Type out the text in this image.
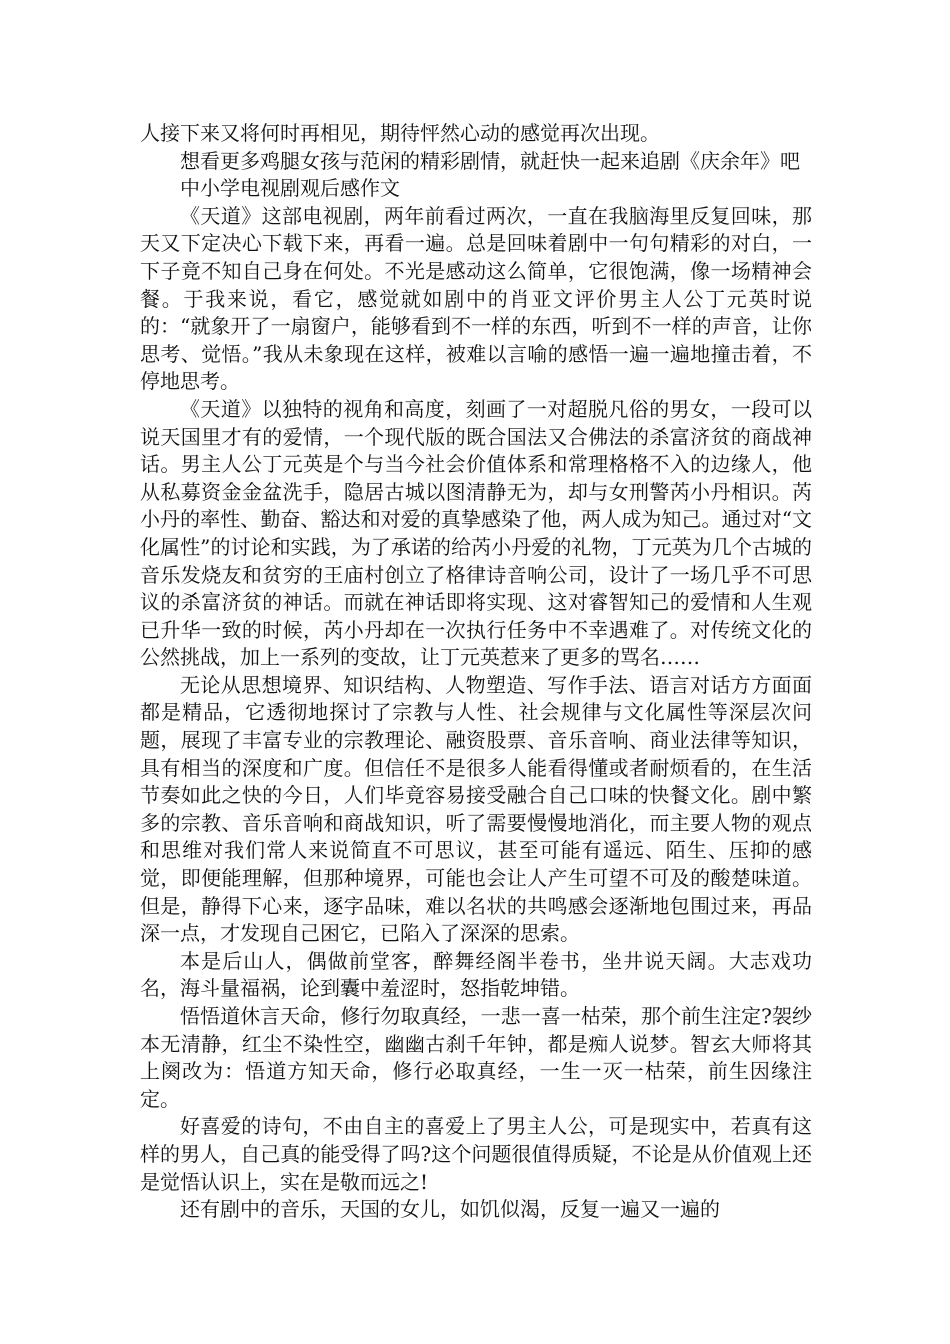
人接下来又将何时再相见，期待怦然心动的感觉再次出现。

想看更多鸡腿女孩与范闲的精彩剧情，就赶快一起来追剧《庆余年》吧

中小学电视剧观后感作文

《天道》这部电视剧，两年前看过两次，一直在我脑海里反复回味，那天又下定决心下载下来，再看一遍。总是回味着剧中一句句精彩的对白，一下子竟不知自己身在何处。不光是感动这么简单，它很饱满，像一场精神会餐。于我来说，看它，感觉就如剧中的肖亚文评价男主人公丁元英时说的：“就象开了一扇窗户，能够看到不一样的东西，听到不一样的声音，让你思考、觉悟。”我从未象现在这样，被难以言喻的感悟一遍一遍地撞击着，不停地思考。

《天道》以独特的视角和高度，刻画了一对超脱凡俗的男女，一段可以说天国里才有的爱情，一个现代版的既合国法又合佛法的杀富济贫的商战神话。男主人公丁元英是个与当今社会价值体系和常理格格不入的边缘人，他从私募资金金盆洗手，隐居古城以图清静无为，却与女刑警芮小丹相识。芮小丹的率性、勤奋、豁达和对爱的真挚感染了他，两人成为知己。通过对“文化属性”的讨论和实践，为了承诺的给芮小丹爱的礼物，丁元英为几个古城的音乐发烧友和贫穷的王庙村创立了格律诗音响公司，设计了一场几乎不可思议的杀富济贫的神话。而就在神话即将实现、这对睿智知己的爱情和人生观已升华一致的时候，芮小丹却在一次执行任务中不幸遇难了。对传统文化的公然挑战，加上一系列的变故，让丁元英惹来了更多的骂名……

无论从思想境界、知识结构、人物塑造、写作手法、语言对话方方面面都是精品，它透彻地探讨了宗教与人性、社会规律与文化属性等深层次问题，展现了丰富专业的宗教理论、融资股票、音乐音响、商业法律等知识，具有相当的深度和广度。但信任不是很多人能看得懂或者耐烦看的，在生活节奏如此之快的今日，人们毕竟容易接受融合自己口味的快餐文化。剧中繁多的宗教、音乐音响和商战知识，听了需要慢慢地消化，而主要人物的观点和思维对我们常人来说简直不可思议，甚至可能有遥远、陌生、压抑的感觉，即便能理解，但那种境界，可能也会让人产生可望不可及的酸楚味道。但是，静得下心来，逐字品味，难以名状的共鸣感会逐渐地包围过来，再品深一点，才发现自己困它，已陷入了深深的思索。

本是后山人，偶做前堂客，醉舞经阁半卷书，坐井说天阔。大志戏功名，海斗量福祸，论到囊中羞涩时，怒指乾坤错。

悟悟道休言天命，修行勿取真经，一悲一喜一枯荣，那个前生注定?袈纱本无清静，红尘不染性空，幽幽古刹千年钟，都是痴人说梦。智玄大师将其上阕改为：悟道方知天命，修行必取真经，一生一灭一枯荣，前生因缘注定。

好喜爱的诗句，不由自主的喜爱上了男主人公，可是现实中，若真有这样的男人，自己真的能受得了吗?这个问题很值得质疑，不论是从价值观上还是觉悟认识上，实在是敬而远之!

还有剧中的音乐，天国的女儿，如饥似渴，反复一遍又一遍的
